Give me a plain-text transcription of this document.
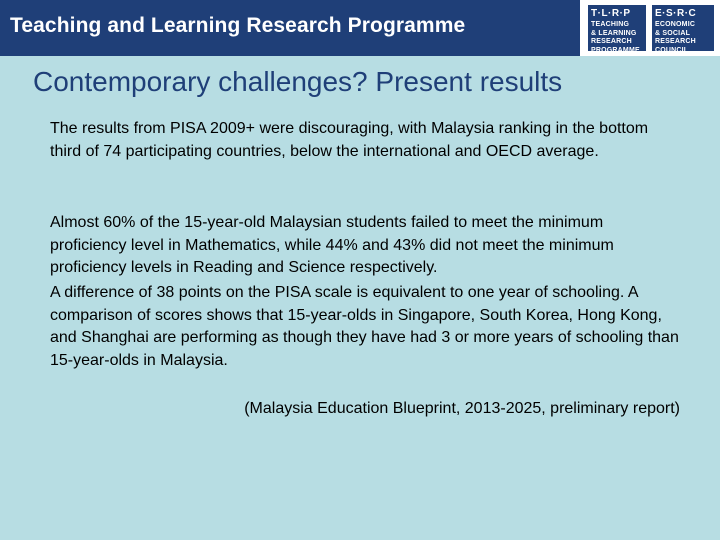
Teaching and Learning Research Programme
T·L·R·P
TEACHING
& LEARNING
RESEARCH
PROGRAMME
E·S·R·C
ECONOMIC
& SOCIAL
RESEARCH
COUNCIL
Contemporary challenges? Present results
The results from PISA 2009+ were discouraging, with Malaysia ranking in the bottom third of 74 participating countries, below the international and OECD average.
Almost 60% of the 15-year-old Malaysian students failed to meet the minimum proficiency level in Mathematics, while 44% and 43% did not meet the minimum proficiency levels in Reading and Science respectively.
A difference of 38 points on the PISA scale is equivalent to one year of schooling. A comparison of scores shows that 15-year-olds in Singapore, South Korea, Hong Kong, and Shanghai are performing as though they have had 3 or more years of schooling than 15-year-olds in Malaysia.
(Malaysia Education Blueprint, 2013-2025, preliminary report)
